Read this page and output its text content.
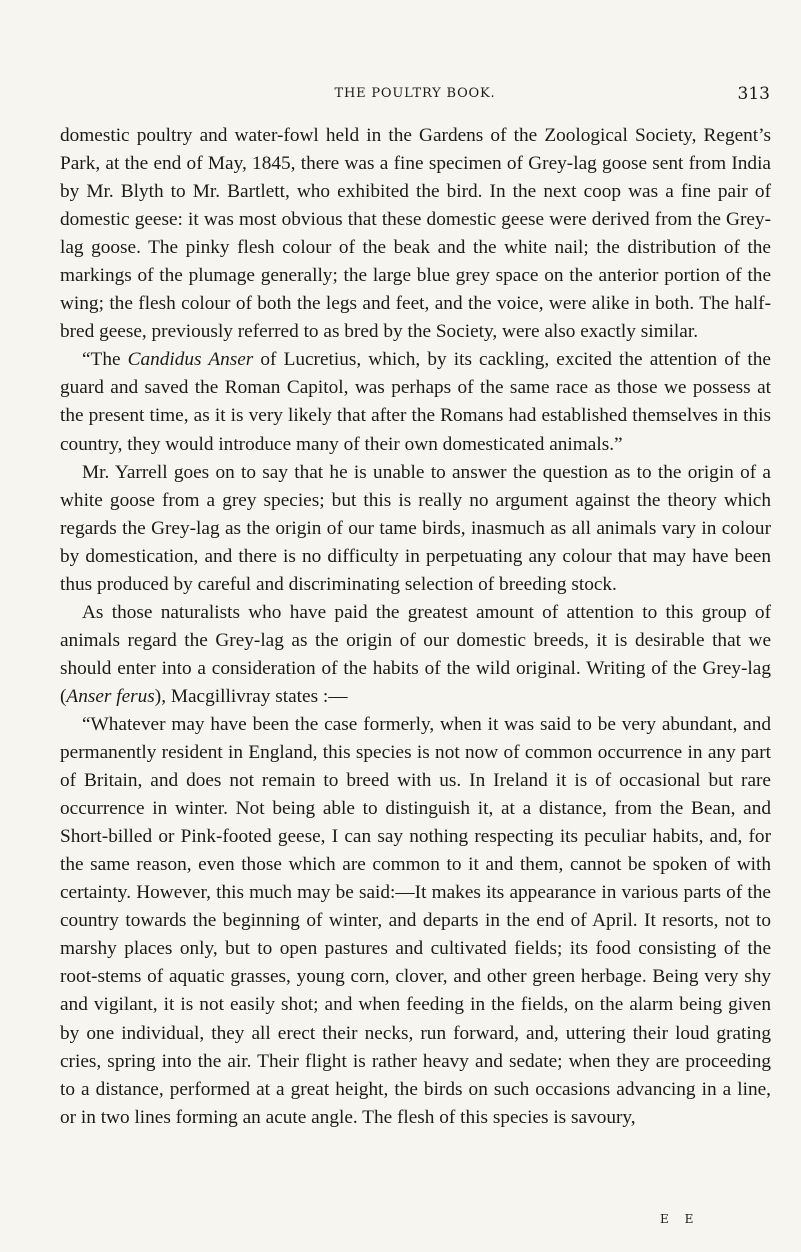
THE POULTRY BOOK.	313

domestic poultry and water-fowl held in the Gardens of the Zoological Society, Regent’s Park, at the end of May, 1845, there was a fine specimen of Grey-lag goose sent from India by Mr. Blyth to Mr. Bartlett, who exhibited the bird. In the next coop was a fine pair of domestic geese: it was most obvious that these domestic geese were derived from the Grey-lag goose. The pinky flesh colour of the beak and the white nail; the distribution of the markings of the plumage generally; the large blue grey space on the anterior portion of the wing; the flesh colour of both the legs and feet, and the voice, were alike in both. The half-bred geese, previously referred to as bred by the Society, were also exactly similar.

“The Candidus Anser of Lucretius, which, by its cackling, excited the attention of the guard and saved the Roman Capitol, was perhaps of the same race as those we possess at the present time, as it is very likely that after the Romans had established themselves in this country, they would introduce many of their own domesticated animals.”

Mr. Yarrell goes on to say that he is unable to answer the question as to the origin of a white goose from a grey species; but this is really no argument against the theory which regards the Grey-lag as the origin of our tame birds, inasmuch as all animals vary in colour by domestication, and there is no difficulty in perpetuating any colour that may have been thus produced by careful and discriminating selection of breeding stock.

As those naturalists who have paid the greatest amount of attention to this group of animals regard the Grey-lag as the origin of our domestic breeds, it is desirable that we should enter into a consideration of the habits of the wild original. Writing of the Grey-lag (Anser ferus), Macgillivray states :—

“Whatever may have been the case formerly, when it was said to be very abundant, and permanently resident in England, this species is not now of common occurrence in any part of Britain, and does not remain to breed with us. In Ireland it is of occasional but rare occurrence in winter. Not being able to distinguish it, at a distance, from the Bean, and Short-billed or Pink-footed geese, I can say nothing respecting its peculiar habits, and, for the same reason, even those which are common to it and them, cannot be spoken of with certainty. However, this much may be said:—It makes its appearance in various parts of the country towards the beginning of winter, and departs in the end of April. It resorts, not to marshy places only, but to open pastures and cultivated fields; its food consisting of the root-stems of aquatic grasses, young corn, clover, and other green herbage. Being very shy and vigilant, it is not easily shot; and when feeding in the fields, on the alarm being given by one individual, they all erect their necks, run forward, and, uttering their loud grating cries, spring into the air. Their flight is rather heavy and sedate; when they are proceeding to a distance, performed at a great height, the birds on such occasions advancing in a line, or in two lines forming an acute angle. The flesh of this species is savoury,

E E
